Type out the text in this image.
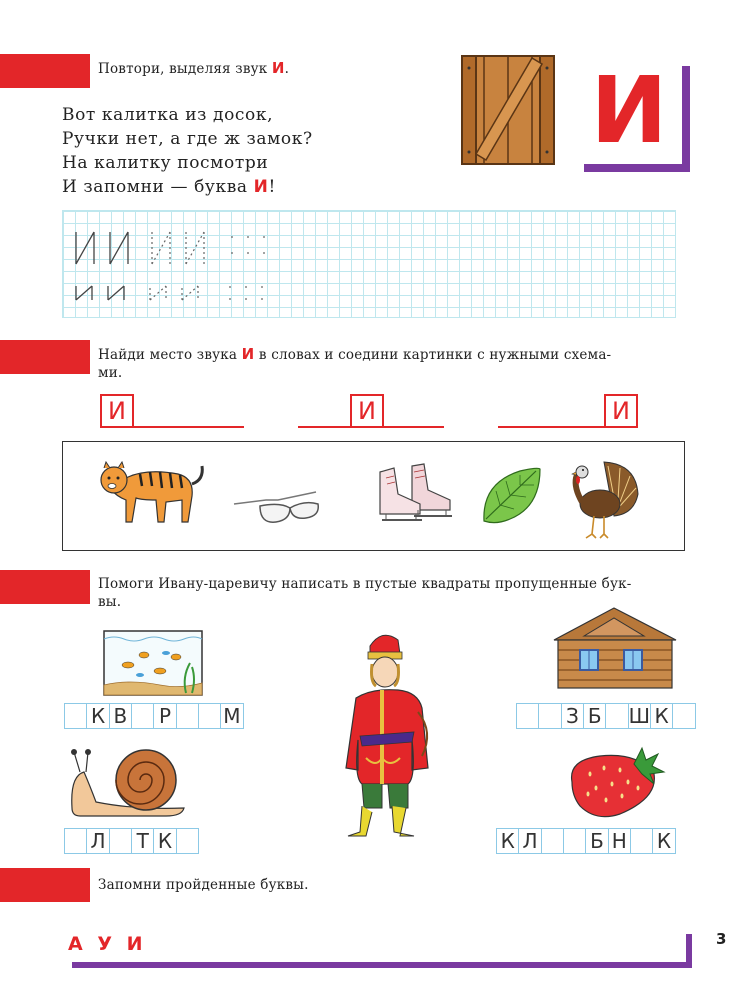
Повтори, выделяя звук И.
Вот калитка из досок,
Ручки нет, а где ж замок?
На калитку посмотри
И запомни — буква И!
И
Найди место звука И в словах и соедини картинки с нужными схема-
ми.
И	И	И
Помоги Ивану-царевичу написать в пустые квадраты пропущенные бук-
вы.
К В Р	М
Л Т К
З Б Ш К
К Л	Б Н К
Запомни пройденные буквы.
А У И	3
